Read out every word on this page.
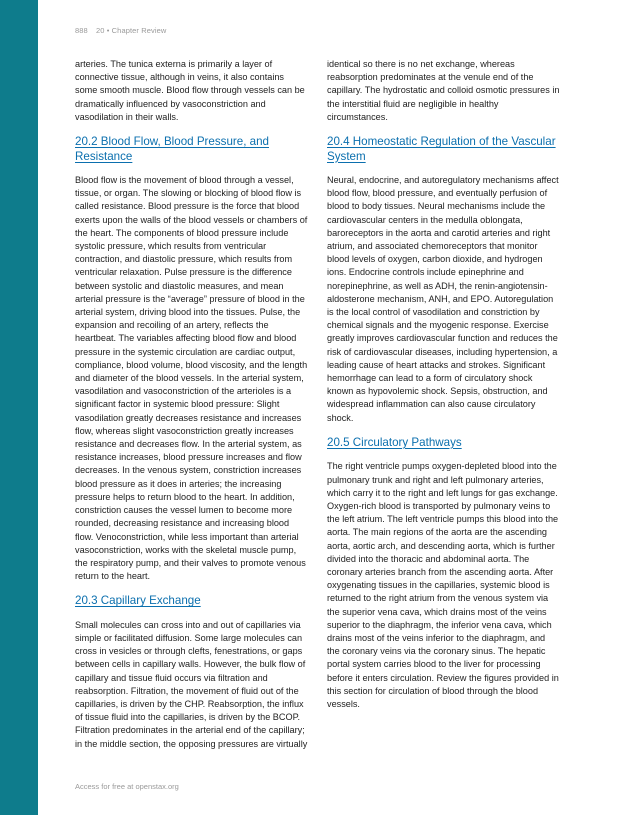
888 20 • Chapter Review

arteries. The tunica externa is primarily a layer of connective tissue, although in veins, it also contains some smooth muscle. Blood flow through vessels can be dramatically influenced by vasoconstriction and vasodilation in their walls.

20.2 Blood Flow, Blood Pressure, and Resistance

Blood flow is the movement of blood through a vessel, tissue, or organ. The slowing or blocking of blood flow is called resistance. Blood pressure is the force that blood exerts upon the walls of the blood vessels or chambers of the heart. The components of blood pressure include systolic pressure, which results from ventricular contraction, and diastolic pressure, which results from ventricular relaxation. Pulse pressure is the difference between systolic and diastolic measures, and mean arterial pressure is the “average” pressure of blood in the arterial system, driving blood into the tissues. Pulse, the expansion and recoiling of an artery, reflects the heartbeat. The variables affecting blood flow and blood pressure in the systemic circulation are cardiac output, compliance, blood volume, blood viscosity, and the length and diameter of the blood vessels. In the arterial system, vasodilation and vasoconstriction of the arterioles is a significant factor in systemic blood pressure: Slight vasodilation greatly decreases resistance and increases flow, whereas slight vasoconstriction greatly increases resistance and decreases flow. In the arterial system, as resistance increases, blood pressure increases and flow decreases. In the venous system, constriction increases blood pressure as it does in arteries; the increasing pressure helps to return blood to the heart. In addition, constriction causes the vessel lumen to become more rounded, decreasing resistance and increasing blood flow. Venoconstriction, while less important than arterial vasoconstriction, works with the skeletal muscle pump, the respiratory pump, and their valves to promote venous return to the heart.

20.3 Capillary Exchange

Small molecules can cross into and out of capillaries via simple or facilitated diffusion. Some large molecules can cross in vesicles or through clefts, fenestrations, or gaps between cells in capillary walls. However, the bulk flow of capillary and tissue fluid occurs via filtration and reabsorption. Filtration, the movement of fluid out of the capillaries, is driven by the CHP. Reabsorption, the influx of tissue fluid into the capillaries, is driven by the BCOP. Filtration predominates in the arterial end of the capillary; in the middle section, the opposing pressures are virtually

identical so there is no net exchange, whereas reabsorption predominates at the venule end of the capillary. The hydrostatic and colloid osmotic pressures in the interstitial fluid are negligible in healthy circumstances.

20.4 Homeostatic Regulation of the Vascular System

Neural, endocrine, and autoregulatory mechanisms affect blood flow, blood pressure, and eventually perfusion of blood to body tissues. Neural mechanisms include the cardiovascular centers in the medulla oblongata, baroreceptors in the aorta and carotid arteries and right atrium, and associated chemoreceptors that monitor blood levels of oxygen, carbon dioxide, and hydrogen ions. Endocrine controls include epinephrine and norepinephrine, as well as ADH, the renin-angiotensin-aldosterone mechanism, ANH, and EPO. Autoregulation is the local control of vasodilation and constriction by chemical signals and the myogenic response. Exercise greatly improves cardiovascular function and reduces the risk of cardiovascular diseases, including hypertension, a leading cause of heart attacks and strokes. Significant hemorrhage can lead to a form of circulatory shock known as hypovolemic shock. Sepsis, obstruction, and widespread inflammation can also cause circulatory shock.

20.5 Circulatory Pathways

The right ventricle pumps oxygen-depleted blood into the pulmonary trunk and right and left pulmonary arteries, which carry it to the right and left lungs for gas exchange. Oxygen-rich blood is transported by pulmonary veins to the left atrium. The left ventricle pumps this blood into the aorta. The main regions of the aorta are the ascending aorta, aortic arch, and descending aorta, which is further divided into the thoracic and abdominal aorta. The coronary arteries branch from the ascending aorta. After oxygenating tissues in the capillaries, systemic blood is returned to the right atrium from the venous system via the superior vena cava, which drains most of the veins superior to the diaphragm, the inferior vena cava, which drains most of the veins inferior to the diaphragm, and the coronary veins via the coronary sinus. The hepatic portal system carries blood to the liver for processing before it enters circulation. Review the figures provided in this section for circulation of blood through the blood vessels.

Access for free at openstax.org
